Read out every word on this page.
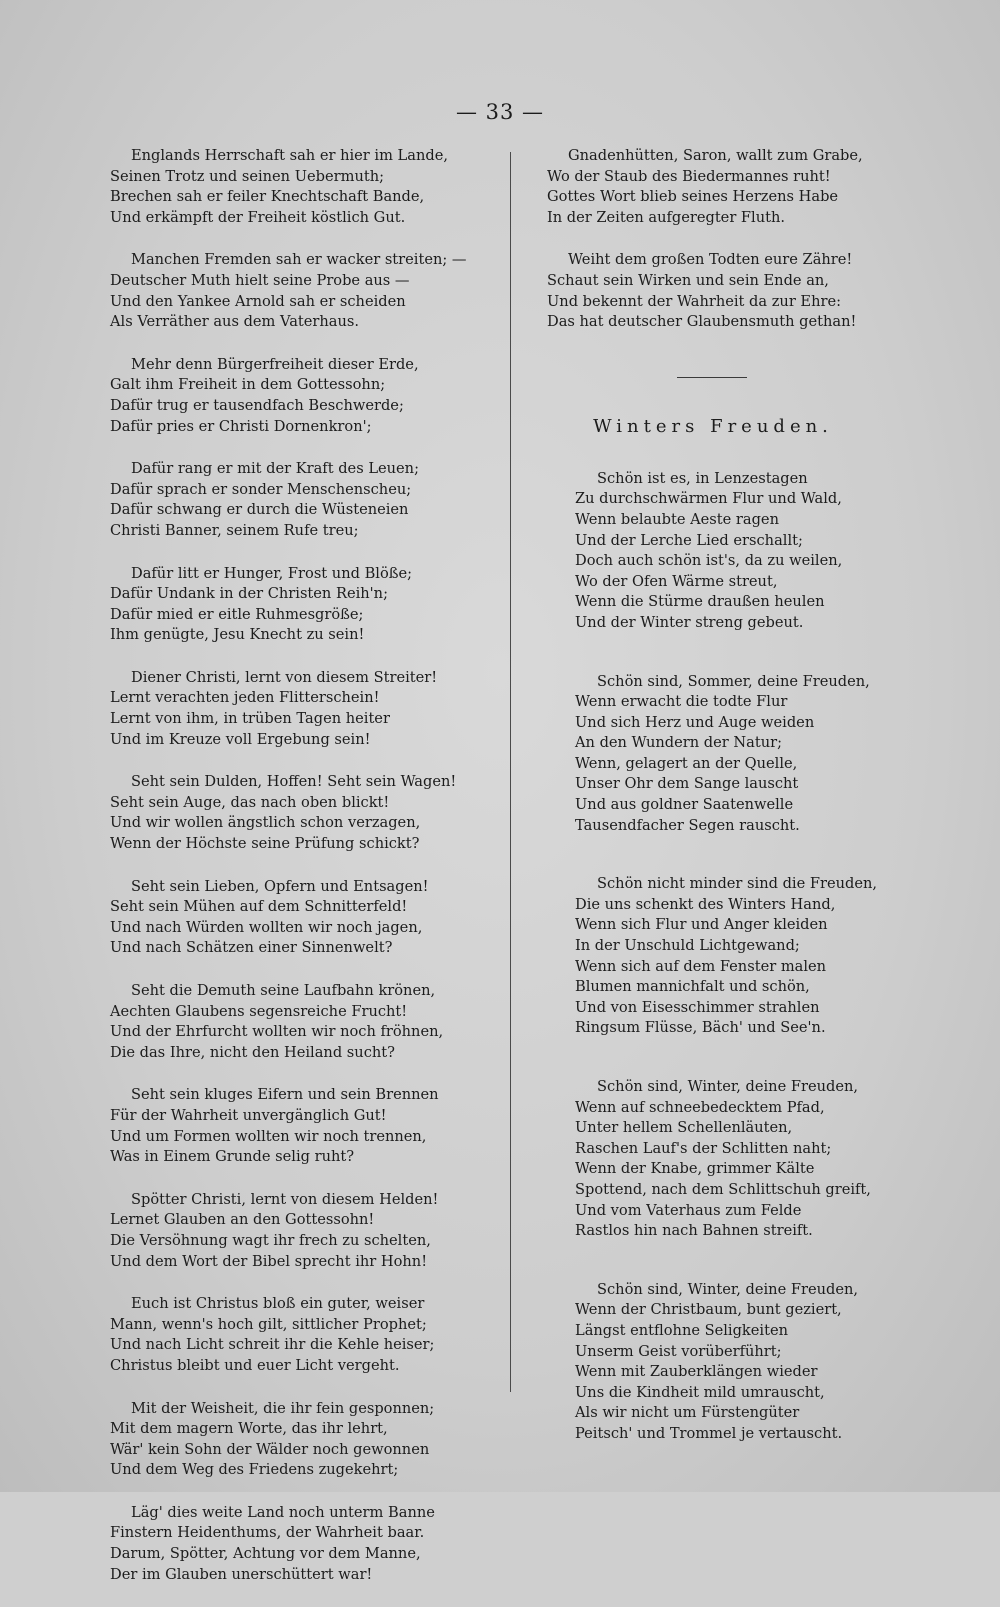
— 33 —
Englands Herrschaft sah er hier im Lande,
Seinen Trotz und seinen Uebermuth;
Brechen sah er feiler Knechtschaft Bande,
Und erkämpft der Freiheit köstlich Gut.
Manchen Fremden sah er wacker streiten; —
Deutscher Muth hielt seine Probe aus —
Und den Yankee Arnold sah er scheiden
Als Verräther aus dem Vaterhaus.
Mehr denn Bürgerfreiheit dieser Erde,
Galt ihm Freiheit in dem Gottessohn;
Dafür trug er tausendfach Beschwerde;
Dafür pries er Christi Dornenkron';
Dafür rang er mit der Kraft des Leuen;
Dafür sprach er sonder Menschenscheu;
Dafür schwang er durch die Wüsteneien
Christi Banner, seinem Rufe treu;
Dafür litt er Hunger, Frost und Blöße;
Dafür Undank in der Christen Reih'n;
Dafür mied er eitle Ruhmesgröße;
Ihm genügte, Jesu Knecht zu sein!
Diener Christi, lernt von diesem Streiter!
Lernt verachten jeden Flitterschein!
Lernt von ihm, in trüben Tagen heiter
Und im Kreuze voll Ergebung sein!
Seht sein Dulden, Hoffen! Seht sein Wagen!
Seht sein Auge, das nach oben blickt!
Und wir wollen ängstlich schon verzagen,
Wenn der Höchste seine Prüfung schickt?
Seht sein Lieben, Opfern und Entsagen!
Seht sein Mühen auf dem Schnitterfeld!
Und nach Würden wollten wir noch jagen,
Und nach Schätzen einer Sinnenwelt?
Seht die Demuth seine Laufbahn krönen,
Aechten Glaubens segensreiche Frucht!
Und der Ehrfurcht wollten wir noch fröhnen,
Die das Ihre, nicht den Heiland sucht?
Seht sein kluges Eifern und sein Brennen
Für der Wahrheit unvergänglich Gut!
Und um Formen wollten wir noch trennen,
Was in Einem Grunde selig ruht?
Spötter Christi, lernt von diesem Helden!
Lernet Glauben an den Gottessohn!
Die Versöhnung wagt ihr frech zu schelten,
Und dem Wort der Bibel sprecht ihr Hohn!
Euch ist Christus bloß ein guter, weiser
Mann, wenn's hoch gilt, sittlicher Prophet;
Und nach Licht schreit ihr die Kehle heiser;
Christus bleibt und euer Licht vergeht.
Mit der Weisheit, die ihr fein gesponnen;
Mit dem magern Worte, das ihr lehrt,
Wär' kein Sohn der Wälder noch gewonnen
Und dem Weg des Friedens zugekehrt;
Läg' dies weite Land noch unterm Banne
Finstern Heidenthums, der Wahrheit baar.
Darum, Spötter, Achtung vor dem Manne,
Der im Glauben unerschüttert war!
Gnadenhütten, Saron, wallt zum Grabe,
Wo der Staub des Biedermannes ruht!
Gottes Wort blieb seines Herzens Habe
In der Zeiten aufgeregter Fluth.
Weiht dem großen Todten eure Zähre!
Schaut sein Wirken und sein Ende an,
Und bekennt der Wahrheit da zur Ehre:
Das hat deutscher Glaubensmuth gethan!
Winters Freuden.
Schön ist es, in Lenzestagen
Zu durchschwärmen Flur und Wald,
Wenn belaubte Aeste ragen
Und der Lerche Lied erschallt;
Doch auch schön ist's, da zu weilen,
Wo der Ofen Wärme streut,
Wenn die Stürme draußen heulen
Und der Winter streng gebeut.
Schön sind, Sommer, deine Freuden,
Wenn erwacht die todte Flur
Und sich Herz und Auge weiden
An den Wundern der Natur;
Wenn, gelagert an der Quelle,
Unser Ohr dem Sange lauscht
Und aus goldner Saatenwelle
Tausendfacher Segen rauscht.
Schön nicht minder sind die Freuden,
Die uns schenkt des Winters Hand,
Wenn sich Flur und Anger kleiden
In der Unschuld Lichtgewand;
Wenn sich auf dem Fenster malen
Blumen mannichfalt und schön,
Und von Eisesschimmer strahlen
Ringsum Flüsse, Bäch' und See'n.
Schön sind, Winter, deine Freuden,
Wenn auf schneebedecktem Pfad,
Unter hellem Schellenläuten,
Raschen Lauf's der Schlitten naht;
Wenn der Knabe, grimmer Kälte
Spottend, nach dem Schlittschuh greift,
Und vom Vaterhaus zum Felde
Rastlos hin nach Bahnen streift.
Schön sind, Winter, deine Freuden,
Wenn der Christbaum, bunt geziert,
Längst entflohne Seligkeiten
Unserm Geist vorüberführt;
Wenn mit Zauberklängen wieder
Uns die Kindheit mild umrauscht,
Als wir nicht um Fürstengüter
Peitsch' und Trommel je vertauscht.
